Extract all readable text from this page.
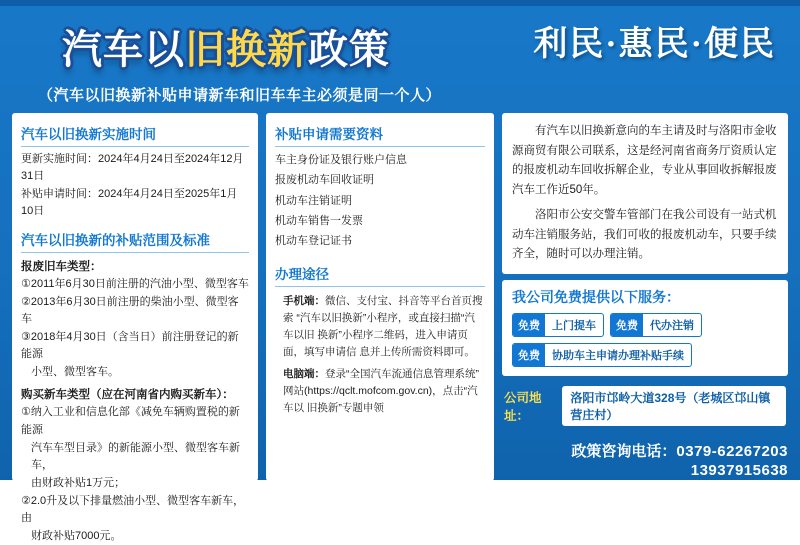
汽车以旧换新政策	利民·惠民·便民
（汽车以旧换新补贴申请新车和旧车车主必须是同一个人）
汽车以旧换新实施时间
更新实施时间：2024年4月24日至2024年12月31日
补贴申请时间：2024年4月24日至2025年1月10日
汽车以旧换新的补贴范围及标准
报废旧车类型：
①2011年6月30日前注册的汽油小型、微型客车
②2013年6月30日前注册的柴油小型、微型客车
③2018年4月30日（含当日）前注册登记的新能源
小型、微型客车。
购买新车类型（应在河南省内购买新车）：
①纳入工业和信息化部《减免车辆购置税的新能源
汽车车型目录》的新能源小型、微型客车新车，
由财政补贴1万元；
②2.0升及以下排量燃油小型、微型客车新车，由
财政补贴7000元。
补贴申请需要资料
车主身份证及银行账户信息
报废机动车回收证明
机动车注销证明
机动车销售一发票
机动车登记证书
办理途径
手机端：微信、支付宝、抖音等平台首页搜索 “汽车以旧换新”小程序，或直接扫描“汽车以旧 换新”小程序二维码，进入申请页面，填写申请信 息并上传所需资料即可。
电脑端：登录“全国汽车流通信息管理系统” 网站(https://qclt.mofcom.gov.cn)，点击“汽车以 旧换新”专题申领
有汽车以旧换新意向的车主请及时与洛阳市金收源商贸有限公司联系，这是经河南省商务厅资质认定的报废机动车回收拆解企业，专业从事回收拆解报废汽车工作近50年。
洛阳市公安交警车管部门在我公司设有一站式机动车注销服务站，我们可收的报废机动车，只要手续齐全，随时可以办理注销。
我公司免费提供以下服务：
免费	上门提车	免费	代办注销
免费	协助车主申请办理补贴手续
公司地址：
洛阳市邙岭大道328号（老城区邙山镇营庄村）
政策咨询电话：0379-62267203
13937915638
18137766898
